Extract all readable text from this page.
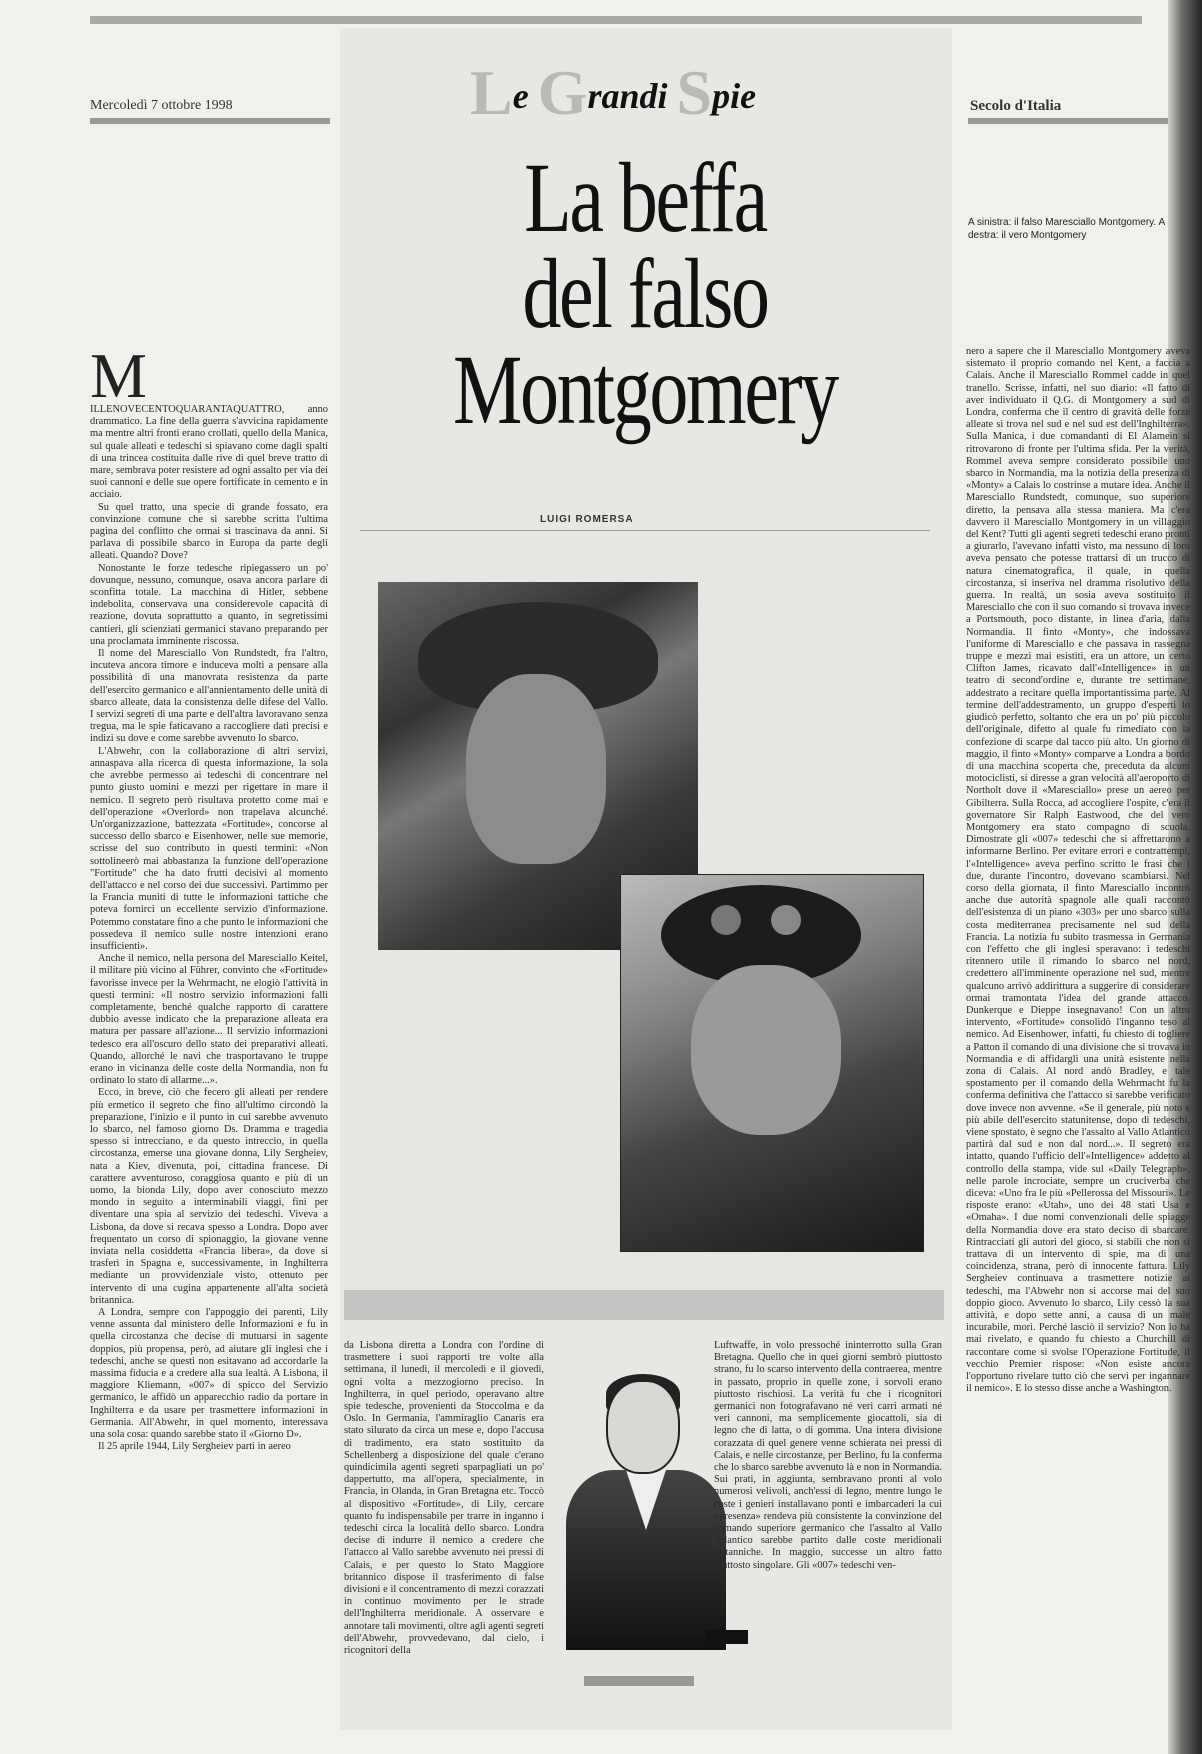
Mercoledì 7 ottobre 1998	Secolo d'Italia
Le Grandi Spie
La beffa
del falso
Montgomery
LUIGI ROMERSA
A sinistra: il falso Maresciallo Montgomery. A destra: il vero Montgomery

M
ILLENOVECENTOQUARANTAQUATTRO, anno drammatico. La fine della guerra s'avvicina rapidamente ma mentre altri fronti erano crollati, quello della Manica, sul quale alleati e tedeschi si spiavano come dagli spalti di una trincea costituita dalle rive di quel breve tratto di mare, sembrava poter resistere ad ogni assalto per via dei suoi cannoni e delle sue opere fortificate in cemento e in acciaio.

Su quel tratto, una specie di grande fossato, era convinzione comune che si sarebbe scritta l'ultima pagina del conflitto che ormai si trascinava da anni. Si parlava di possibile sbarco in Europa da parte degli alleati. Quando? Dove?

Nonostante le forze tedesche ripiegassero un po' dovunque, nessuno, comunque, osava ancora parlare di sconfitta totale. La macchina di Hitler, sebbene indebolita, conservava una considerevole capacità di reazione, dovuta soprattutto a quanto, in segretissimi cantieri, gli scienziati germanici stavano preparando per una proclamata imminente riscossa.

Il nome del Maresciallo Von Rundstedt, fra l'altro, incuteva ancora timore e induceva molti a pensare alla possibilità di una manovrata resistenza da parte dell'esercito germanico e all'annientamento delle unità di sbarco alleate, data la consistenza delle difese del Vallo. I servizi segreti di una parte e dell'altra lavoravano senza tregua, ma le spie faticavano a raccogliere dati precisi e indizi su dove e come sarebbe avvenuto lo sbarco.

L'Abwehr, con la collaborazione di altri servizi, annaspava alla ricerca di questa informazione, la sola che avrebbe permesso ai tedeschi di concentrare nel punto giusto uomini e mezzi per rigettare in mare il nemico. Il segreto però risultava protetto come mai e dell'operazione «Overlord» non trapelava alcunché. Un'organizzazione, battezzata «Fortitude», concorse al successo dello sbarco e Eisenhower, nelle sue memorie, scrisse del suo contributo in questi termini: «Non sottolineerò mai abbastanza la funzione dell'operazione "Fortitude" che ha dato frutti decisivi al momento dell'attacco e nel corso dei due successivi. Partimmo per la Francia muniti di tutte le informazioni tattiche che poteva fornirci un eccellente servizio d'informazione. Potemmo constatare fino a che punto le informazioni che possedeva il nemico sulle nostre intenzioni erano insufficienti».

Anche il nemico, nella persona del Maresciallo Keitel, il militare più vicino al Führer, convinto che «Fortitude» favorisse invece per la Wehrmacht, ne elogiò l'attività in questi termini: «Il nostro servizio informazioni fallì completamente, benché qualche rapporto di carattere dubbio avesse indicato che la preparazione alleata era matura per passare all'azione... Il servizio informazioni tedesco era all'oscuro dello stato dei preparativi alleati. Quando, allorché le navi che trasportavano le truppe erano in vicinanza delle coste della Normandia, non fu ordinato lo stato di allarme...».

Ecco, in breve, ciò che fecero gli alleati per rendere più ermetico il segreto che fino all'ultimo circondò la preparazione, l'inizio e il punto in cui sarebbe avvenuto lo sbarco, nel famoso giorno Ds. Dramma e tragedia spesso si intrecciano, e da questo intreccio, in quella circostanza, emerse una giovane donna, Lily Sergheiev, nata a Kiev, divenuta, poi, cittadina francese. Di carattere avventuroso, coraggiosa quanto e più di un uomo, la bionda Lily, dopo aver conosciuto mezzo mondo in seguito a interminabili viaggi, finì per diventare una spia al servizio dei tedeschi. Viveva a Lisbona, da dove si recava spesso a Londra. Dopo aver frequentato un corso di spionaggio, la giovane venne inviata nella cosiddetta «Francia libera», da dove si trasferì in Spagna e, successivamente, in Inghilterra mediante un provvidenziale visto, ottenuto per intervento di una cugina appartenente all'alta società britannica.

A Londra, sempre con l'appoggio dei parenti, Lily venne assunta dal ministero delle Informazioni e fu in quella circostanza che decise di mutuarsi in sagente doppios, più propensa, però, ad aiutare gli inglesi che i tedeschi, anche se questi non esitavano ad accordarle la massima fiducia e a credere alla sua lealtà. A Lisbona, il maggiore Kliemann, «007» di spicco del Servizio germanico, le affidò un apparecchio radio da portare in Inghilterra e da usare per trasmettere informazioni in Germania. All'Abwehr, in quel momento, interessava una sola cosa: quando sarebbe stato il «Giorno D».

Il 25 aprile 1944, Lily Sergheiev partì in aereo

da Lisbona diretta a Londra con l'ordine di trasmettere i suoi rapporti tre volte alla settimana, il lunedì, il mercoledì e il giovedì, ogni volta a mezzogiorno preciso. In Inghilterra, in quel periodo, operavano altre spie tedesche, provenienti da Stoccolma e da Oslo. In Germania, l'ammiraglio Canaris era stato silurato da circa un mese e, dopo l'accusa di tradimento, era stato sostituito da Schellenberg a disposizione del quale c'erano quindicimila agenti segreti sparpagliati un po' dappertutto, ma all'opera, specialmente, in Francia, in Olanda, in Gran Bretagna etc. Toccò al dispositivo «Fortitude», di Lily, cercare quanto fu indispensabile per trarre in inganno i tedeschi circa la località dello sbarco. Londra decise di indurre il nemico a credere che l'attacco al Vallo sarebbe avvenuto nei pressi di Calais, e per questo lo Stato Maggiore britannico dispose il trasferimento di false divisioni e il concentramento di mezzi corazzati in continuo movimento per le strade dell'Inghilterra meridionale. A osservare e annotare tali movimenti, oltre agli agenti segreti dell'Abwehr, provvedevano, dal cielo, i ricognitori della

Luftwaffe, in volo pressoché ininterrotto sulla Gran Bretagna. Quello che in quei giorni sembrò piuttosto strano, fu lo scarso intervento della contraerea, mentre in passato, proprio in quelle zone, i sorvoli erano piuttosto rischiosi. La verità fu che i ricognitori germanici non fotografavano né veri carri armati né veri cannoni, ma semplicemente giocattoli, sia di legno che di latta, o di gomma. Una intera divisione corazzata di quel genere venne schierata nei pressi di Calais, e nelle circostanze, per Berlino, fu la conferma che lo sbarco sarebbe avvenuto là e non in Normandia. Sui prati, in aggiunta, sembravano pronti al volo numerosi velivoli, anch'essi di legno, mentre lungo le coste i genieri installavano ponti e imbarcaderi la cui «presenza» rendeva più consistente la convinzione del comando superiore germanico che l'assalto al Vallo Atlantico sarebbe partito dalle coste meridionali britanniche. In maggio, successe un altro fatto piuttosto singolare. Gli «007» tedeschi ven-

nero a sapere che il Maresciallo Montgomery aveva sistemato il proprio comando nel Kent, a faccia a Calais. Anche il Maresciallo Rommel cadde in quel tranello. Scrisse, infatti, nel suo diario: «Il fatto di aver individuato il Q.G. di Montgomery a sud di Londra, conferma che il centro di gravità delle forze alleate si trova nel sud e nel sud est dell'Inghilterra». Sulla Manica, i due comandanti di El Alamein si ritrovarono di fronte per l'ultima sfida. Per la verità, Rommel aveva sempre considerato possibile uno sbarco in Normandia, ma la notizia della presenza di «Monty» a Calais lo costrinse a mutare idea. Anche il Maresciallo Rundstedt, comunque, suo superiore diretto, la pensava alla stessa maniera. Ma c'era davvero il Maresciallo Montgomery in un villaggio del Kent? Tutti gli agenti segreti tedeschi erano pronti a giurarlo, l'avevano infatti visto, ma nessuno di loro aveva pensato che potesse trattarsi di un trucco di natura cinematografica, il quale, in quella circostanza, si inseriva nel dramma risolutivo della guerra. In realtà, un sosia aveva sostituito il Maresciallo che con il suo comando si trovava invece a Portsmouth, poco distante, in linea d'aria, dalla Normandia. Il finto «Monty», che indossava l'uniforme di Maresciallo e che passava in rassegna truppe e mezzi mai esistiti, era un attore, un certo Clifton James, ricavato dall'«Intelligence» in un teatro di second'ordine e, durante tre settimane, addestrato a recitare quella importantissima parte. Al termine dell'addestramento, un gruppo d'esperti lo giudicò perfetto, soltanto che era un po' più piccolo dell'originale, difetto al quale fu rimediato con la confezione di scarpe dal tacco più alto. Un giorno di maggio, il finto «Monty» comparve a Londra a bordo di una macchina scoperta che, preceduta da alcuni motociclisti, si diresse a gran velocità all'aeroporto di Northolt dove il «Maresciallo» prese un aereo per Gibilterra. Sulla Rocca, ad accogliere l'ospite, c'era il governatore Sir Ralph Eastwood, che del vero Montgomery era stato compagno di scuola. Dimostrate gli «007» tedeschi che si affrettarono a informarne Berlino. Per evitare errori e contrattempi, l'«Intelligence» aveva perfino scritto le frasi che i due, durante l'incontro, dovevano scambiarsi. Nel corso della giornata, il finto Maresciallo incontrò anche due autorità spagnole alle quali raccontò dell'esistenza di un piano «303» per uno sbarco sulla costa mediterranea precisamente nel sud della Francia. La notizia fu subito trasmessa in Germania con l'effetto che gli inglesi speravano: i tedeschi ritennero utile il rimando lo sbarco nel nord, credettero all'imminente operazione nel sud, mentre qualcuno arrivò addirittura a suggerire di considerare ormai tramontata l'idea del grande attacco. Dunkerque e Dieppe insegnavano! Con un altro intervento, «Fortitude» consolidò l'inganno teso al nemico. Ad Eisenhower, infatti, fu chiesto di togliere a Patton il comando di una divisione che si trovava in Normandia e di affidargli una unità esistente nella zona di Calais. Al nord andò Bradley, e tale spostamento per il comando della Wehrmacht fu la conferma definitiva che l'attacco si sarebbe verificato dove invece non avvenne. «Se il generale, più noto e più abile dell'esercito statunitense, dopo di tedeschi, viene spostato, è segno che l'assalto al Vallo Atlantico partirà dal sud e non dal nord...». Il segreto era intatto, quando l'ufficio dell'«Intelligence» addetto al controllo della stampa, vide sul «Daily Telegraph», nelle parole incrociate, sempre un cruciverba che diceva: «Uno fra le più «Pellerossa del Missouri». Le risposte erano: «Utah», uno dei 48 stati Usa e «Omaha». I due nomi convenzionali delle spiagge della Normandia dove era stato deciso di sbarcare. Rintracciati gli autori del gioco, si stabilì che non si trattava di un intervento di spie, ma di una coincidenza, strana, però di innocente fattura. Lily Sergheiev continuava a trasmettere notizie ai tedeschi, ma l'Abwehr non si accorse mai del suo doppio gioco. Avvenuto lo sbarco, Lily cessò la sua attività, e dopo sette anni, a causa di un male incurabile, morì. Perché lasciò il servizio? Non lo ha mai rivelato, e quando fu chiesto a Churchill di raccontare come si svolse l'Operazione Fortitude, il vecchio Premier rispose: «Non esiste ancora l'opportuno rivelare tutto ciò che servì per ingannare il nemico». E lo stesso disse anche a Washington.
